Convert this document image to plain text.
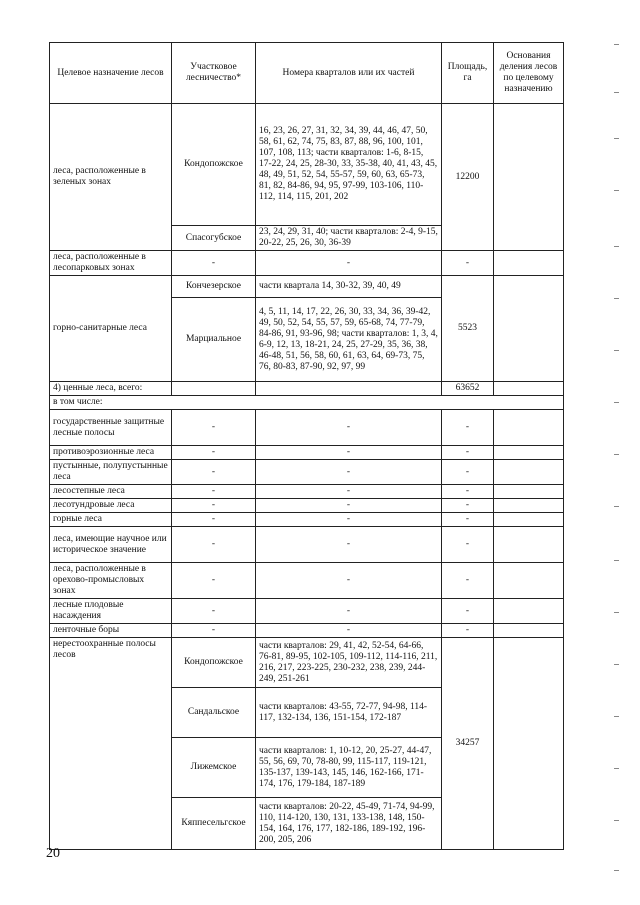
Целевое назначение лесов	Участковое лесничество*	Номера кварталов или их частей	Площадь, га	Основания деления лесов по целевому назначению
леса, расположенные в зеленых зонах	Кондопожское	16, 23, 26, 27, 31, 32, 34, 39, 44, 46, 47, 50, 58, 61, 62, 74, 75, 83, 87, 88, 96, 100, 101, 107, 108, 113; части кварталов: 1-6, 8-15, 17-22, 24, 25, 28-30, 33, 35-38, 40, 41, 43, 45, 48, 49, 51, 52, 54, 55-57, 59, 60, 63, 65-73, 81, 82, 84-86, 94, 95, 97-99, 103-106, 110-112, 114, 115, 201, 202	12200	
	Спасогубское	23, 24, 29, 31, 40; части кварталов: 2-4, 9-15, 20-22, 25, 26, 30, 36-39		
леса, расположенные в лесопарковых зонах	-	-	-	
горно-санитарные леса	Кончезерское	части квартала 14, 30-32, 39, 40, 49	5523	
	Марциальное	4, 5, 11, 14, 17, 22, 26, 30, 33, 34, 36, 39-42, 49, 50, 52, 54, 55, 57, 59, 65-68, 74, 77-79, 84-86, 91, 93-96, 98; части кварталов: 1, 3, 4, 6-9, 12, 13, 18-21, 24, 25, 27-29, 35, 36, 38, 46-48, 51, 56, 58, 60, 61, 63, 64, 69-73, 75, 76, 80-83, 87-90, 92, 97, 99		
4) ценные леса, всего:			63652	
в том числе:				
государственные защитные лесные полосы	-	-	-	
противоэрозионные леса	-	-	-	
пустынные, полупустынные леса	-	-	-	
лесостепные леса	-	-	-	
лесотундровые леса	-	-	-	
горные леса	-	-	-	
леса, имеющие научное или историческое значение	-	-	-	
леса, расположенные в орехово-промысловых зонах	-	-	-	
лесные плодовые насаждения	-	-	-	
ленточные боры	-	-	-	
нерестоохранные полосы лесов	Кондопожское	части кварталов: 29, 41, 42, 52-54, 64-66, 76-81, 89-95, 102-105, 109-112, 114-116, 211, 216, 217, 223-225, 230-232, 238, 239, 244-249, 251-261	34257	
	Сандальское	части кварталов: 43-55, 72-77, 94-98, 114-117, 132-134, 136, 151-154, 172-187		
	Лижемское	части кварталов: 1, 10-12, 20, 25-27, 44-47, 55, 56, 69, 70, 78-80, 99, 115-117, 119-121, 135-137, 139-143, 145, 146, 162-166, 171-174, 176, 179-184, 187-189		
	Кяппесельгское	части кварталов: 20-22, 45-49, 71-74, 94-99, 110, 114-120, 130, 131, 133-138, 148, 150-154, 164, 176, 177, 182-186, 189-192, 196-200, 205, 206		
20
